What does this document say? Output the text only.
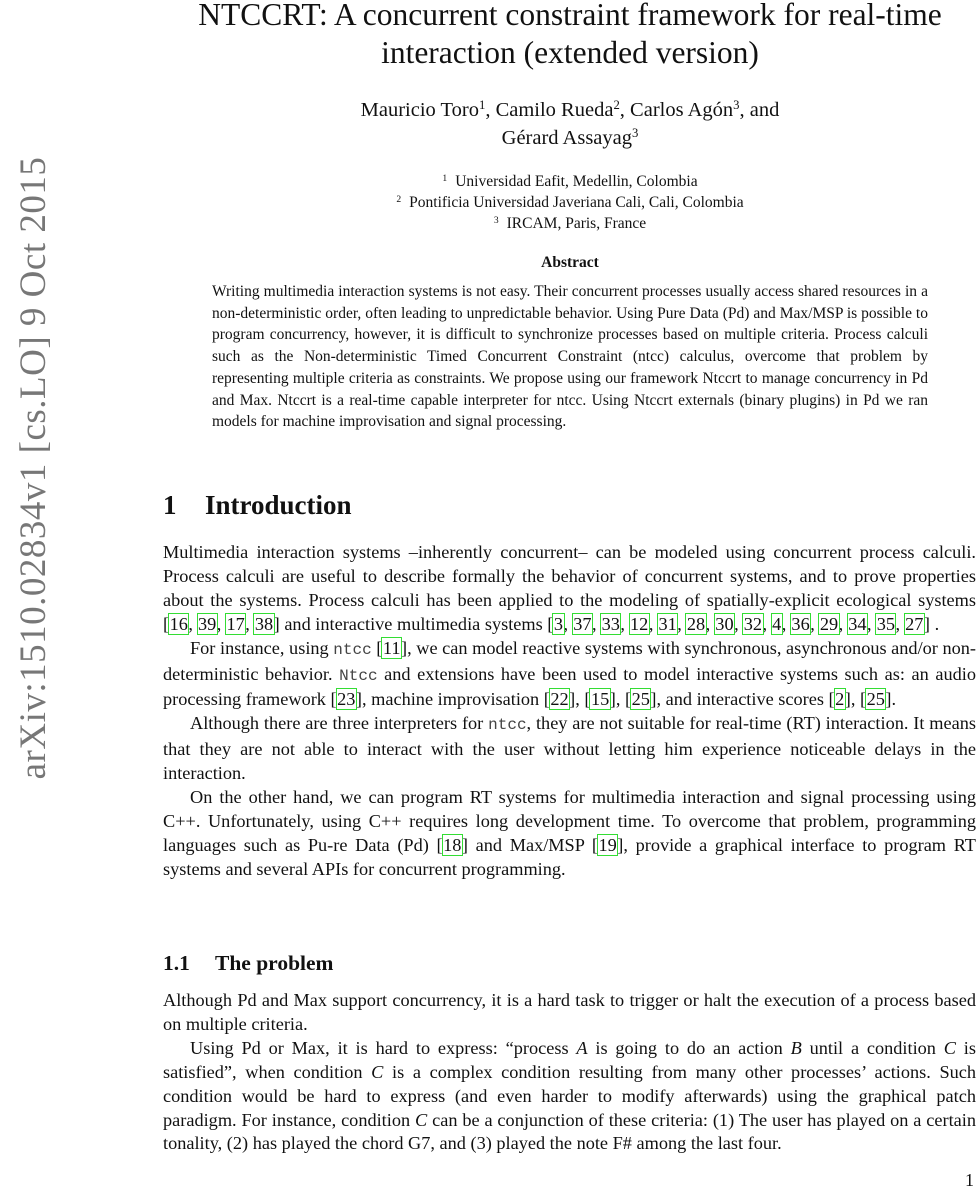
arXiv:1510.02834v1 [cs.LO] 9 Oct 2015
NTCCRT: A concurrent constraint framework for real-time
interaction (extended version)
Mauricio Toro$^1$, Camilo Rueda$^2$, Carlos Agón$^3$, and
Gérard Assayag$^3$
$^1$ Universidad Eafit, Medellin, Colombia
$^2$ Pontificia Universidad Javeriana Cali, Cali, Colombia
$^3$ IRCAM, Paris, France
Abstract
Writing multimedia interaction systems is not easy. Their concurrent processes usually access shared resources in a non-deterministic order, often leading to unpredictable behavior. Using Pure Data (Pd) and Max/MSP is possible to program concurrency, however, it is difficult to synchronize processes based on multiple criteria. Process calculi such as the Non-deterministic Timed Concurrent Constraint (ntcc) calculus, overcome that problem by representing multiple criteria as constraints. We propose using our framework Ntccrt to manage concurrency in Pd and Max. Ntccrt is a real-time capable interpreter for ntcc. Using Ntccrt externals (binary plugins) in Pd we ran models for machine improvisation and signal processing.
1 Introduction

Multimedia interaction systems –inherently concurrent– can be modeled using concurrent process calculi. Process calculi are useful to describe formally the behavior of concurrent systems, and to prove properties about the systems. Process calculi has been applied to the modeling of spatially-explicit ecological systems [16, 39, 17, 38] and interactive multimedia systems [3, 37, 33, 12, 31, 28, 30, 32, 4, 36, 29, 34, 35, 27] .

For instance, using ntcc [11], we can model reactive systems with synchronous, asynchronous and/or non-deterministic behavior. Ntcc and extensions have been used to model interactive systems such as: an audio processing framework [23], machine improvisation [22], [15], [25], and interactive scores [2], [25].

Although there are three interpreters for ntcc, they are not suitable for real-time (RT) interaction. It means that they are not able to interact with the user without letting him experience noticeable delays in the interaction.

On the other hand, we can program RT systems for multimedia interaction and signal processing using C++. Unfortunately, using C++ requires long development time. To overcome that problem, programming languages such as Pu-re Data (Pd) [18] and Max/MSP [19], provide a graphical interface to program RT systems and several APIs for concurrent programming.

1.1 The problem

Although Pd and Max support concurrency, it is a hard task to trigger or halt the execution of a process based on multiple criteria.

Using Pd or Max, it is hard to express: “process A is going to do an action B until a condition C is satisfied”, when condition C is a complex condition resulting from many other processes’ actions. Such condition would be hard to express (and even harder to modify afterwards) using the graphical patch paradigm. For instance, condition C can be a conjunction of these criteria: (1) The user has played on a certain tonality, (2) has played the chord G7, and (3) played the note F# among the last four.

1
